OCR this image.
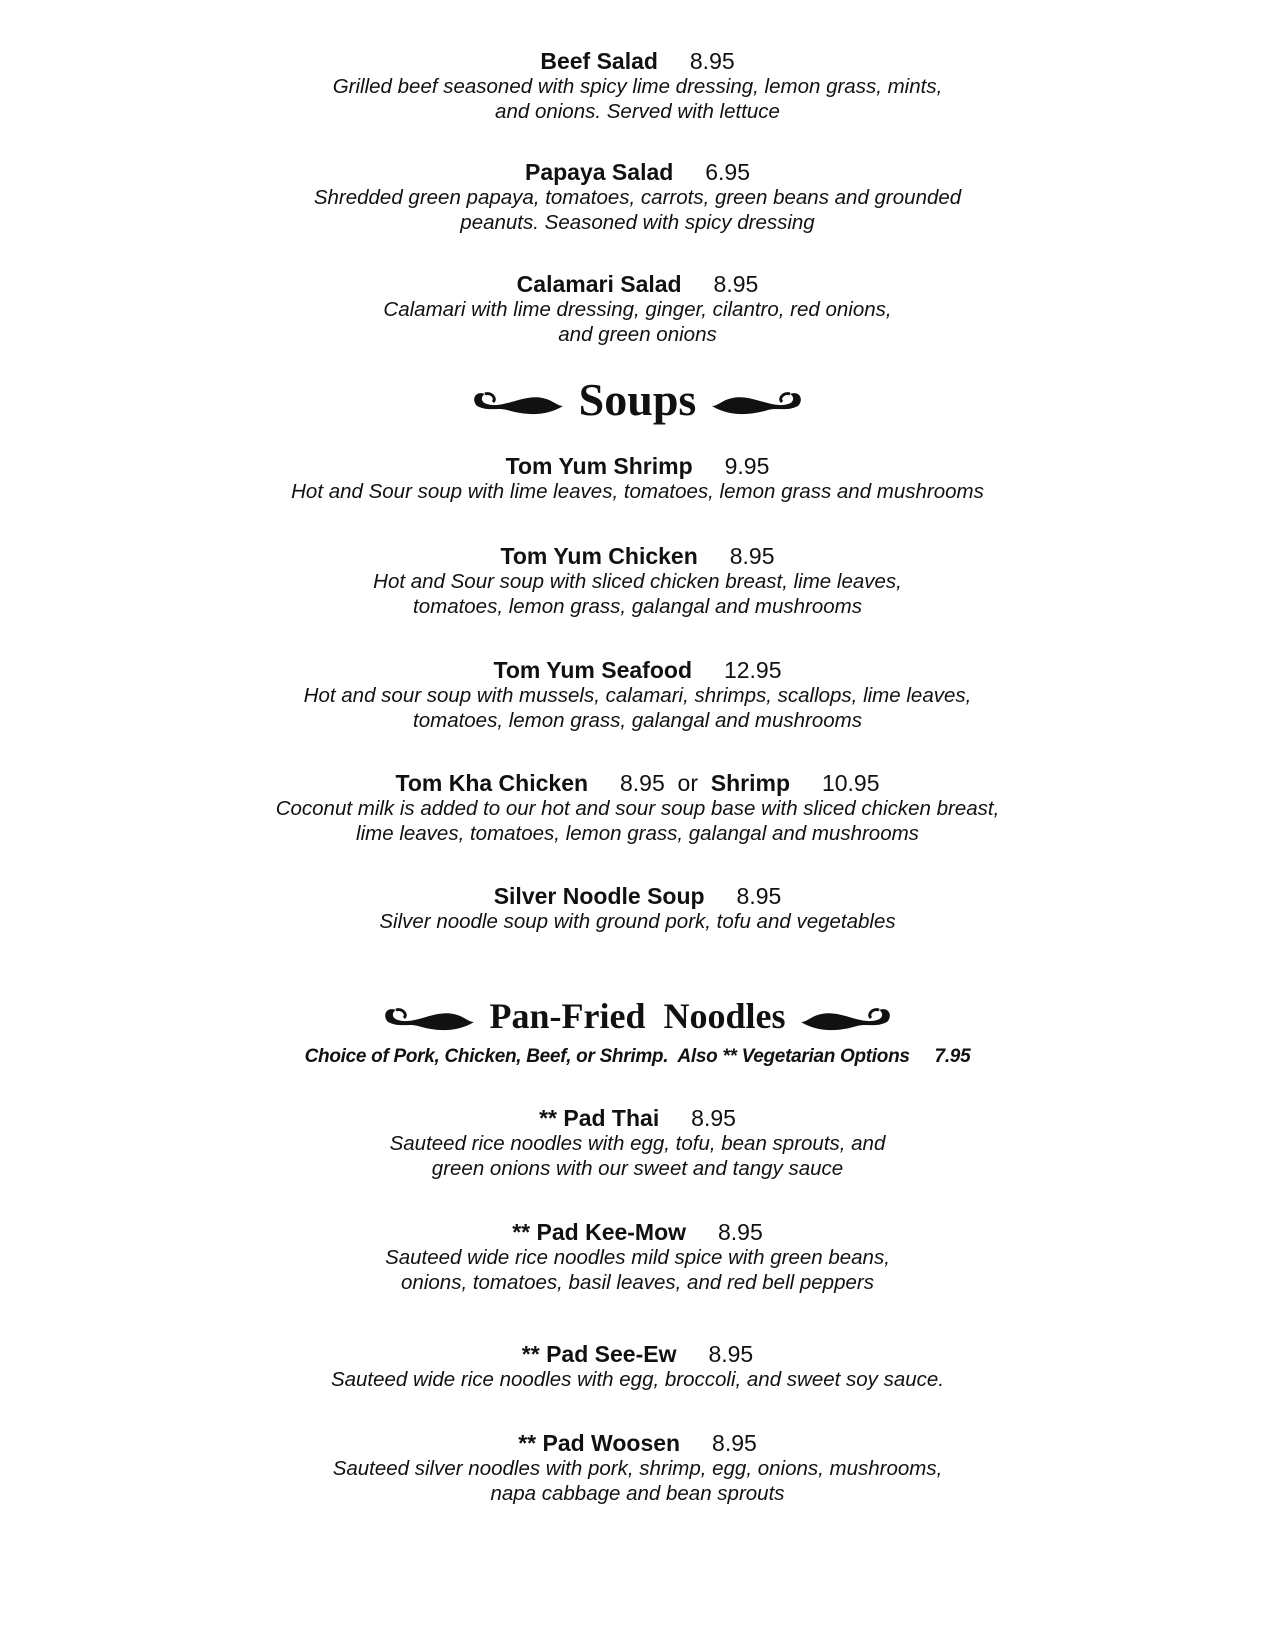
Beef Salad 8.95
Grilled beef seasoned with spicy lime dressing, lemon grass, mints,
and onions. Served with lettuce
Papaya Salad 6.95
Shredded green papaya, tomatoes, carrots, green beans and grounded
peanuts. Seasoned with spicy dressing
Calamari Salad 8.95
Calamari with lime dressing, ginger, cilantro, red onions,
and green onions
Soups
Tom Yum Shrimp 9.95
Hot and Sour soup with lime leaves, tomatoes, lemon grass and mushrooms
Tom Yum Chicken 8.95
Hot and Sour soup with sliced chicken breast, lime leaves,
tomatoes, lemon grass, galangal and mushrooms
Tom Yum Seafood 12.95
Hot and sour soup with mussels, calamari, shrimps, scallops, lime leaves,
tomatoes, lemon grass, galangal and mushrooms
Tom Kha Chicken 8.95 or Shrimp 10.95
Coconut milk is added to our hot and sour soup base with sliced chicken breast,
lime leaves, tomatoes, lemon grass, galangal and mushrooms
Silver Noodle Soup 8.95
Silver noodle soup with ground pork, tofu and vegetables
Pan-Fried  Noodles
Choice of Pork, Chicken, Beef, or Shrimp.  Also ** Vegetarian Options     7.95
** Pad Thai 8.95
Sauteed rice noodles with egg, tofu, bean sprouts, and
green onions with our sweet and tangy sauce
** Pad Kee-Mow 8.95
Sauteed wide rice noodles mild spice with green beans,
onions, tomatoes, basil leaves, and red bell peppers
** Pad See-Ew 8.95
Sauteed wide rice noodles with egg, broccoli, and sweet soy sauce.
** Pad Woosen 8.95
Sauteed silver noodles with pork, shrimp, egg, onions, mushrooms,
napa cabbage and bean sprouts
